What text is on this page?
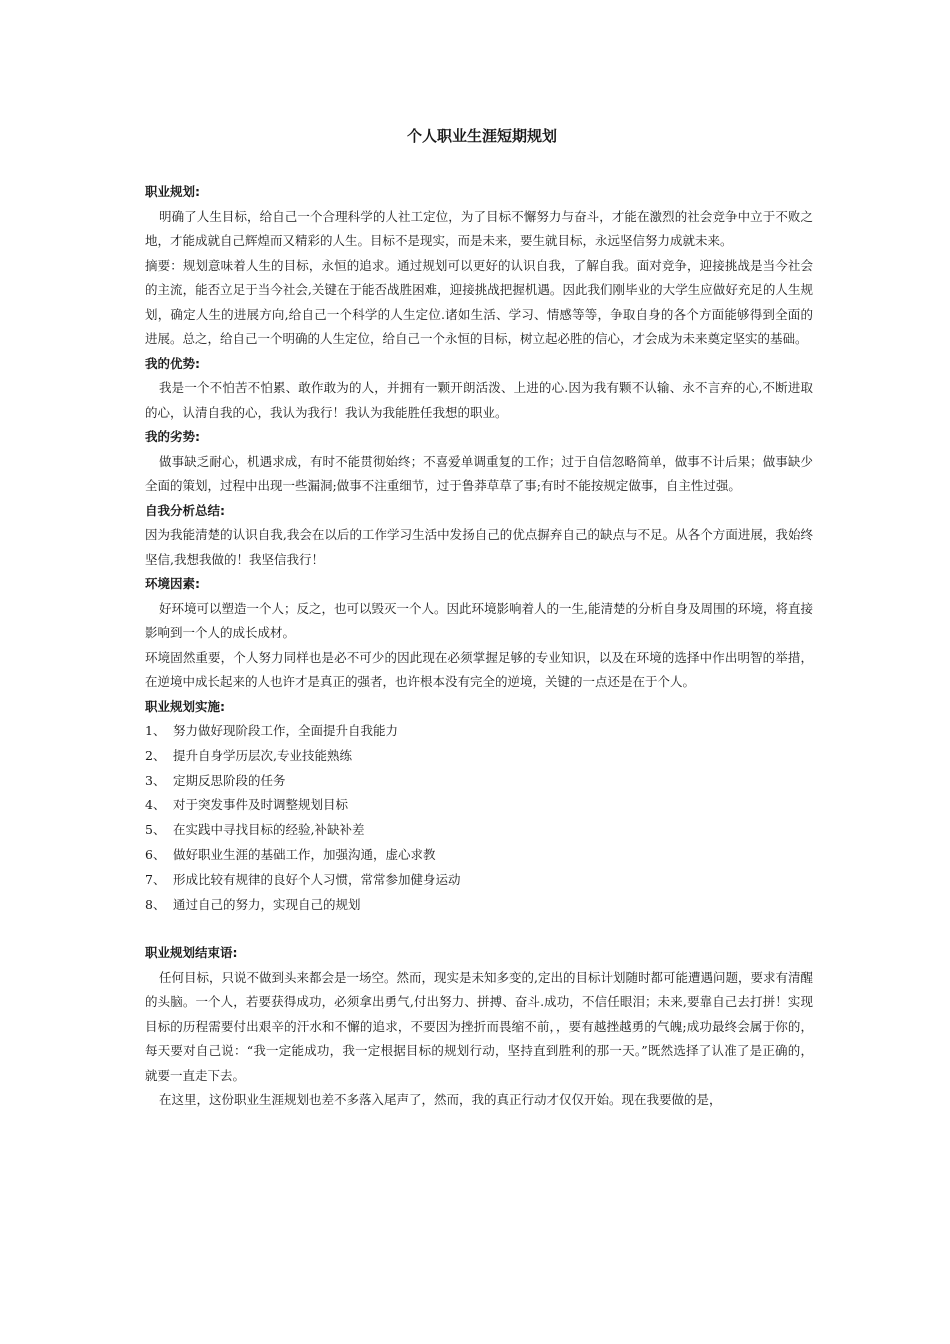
个人职业生涯短期规划

职业规划:

明确了人生目标，给自己一个合理科学的人社工定位，为了目标不懈努力与奋斗，才能在激烈的社会竞争中立于不败之地，才能成就自己辉煌而又精彩的人生。目标不是现实，而是未来，要生就目标，永远坚信努力成就未来。

摘要：规划意味着人生的目标，永恒的追求。通过规划可以更好的认识自我，了解自我。面对竞争，迎接挑战是当今社会的主流，能否立足于当今社会,关键在于能否战胜困难，迎接挑战把握机遇。因此我们刚毕业的大学生应做好充足的人生规划，确定人生的进展方向,给自己一个科学的人生定位.诸如生活、学习、情感等等，争取自身的各个方面能够得到全面的进展。总之，给自己一个明确的人生定位，给自己一个永恒的目标，树立起必胜的信心，才会成为未来奠定坚实的基础。

我的优势:

我是一个不怕苦不怕累、敢作敢为的人，并拥有一颗开朗活泼、上进的心.因为我有颗不认输、永不言弃的心,不断进取的心，认清自我的心，我认为我行！我认为我能胜任我想的职业。

我的劣势:

做事缺乏耐心，机遇求成，有时不能贯彻始终；不喜爱单调重复的工作；过于自信忽略简单，做事不计后果；做事缺少全面的策划，过程中出现一些漏洞;做事不注重细节，过于鲁莽草草了事;有时不能按规定做事，自主性过强。

自我分析总结:

因为我能清楚的认识自我,我会在以后的工作学习生活中发扬自己的优点摒弃自己的缺点与不足。从各个方面进展，我始终坚信,我想我做的！我坚信我行！

环境因素:

好环境可以塑造一个人；反之，也可以毁灭一个人。因此环境影响着人的一生,能清楚的分析自身及周围的环境，将直接影响到一个人的成长成材。

环境固然重要，个人努力同样也是必不可少的因此现在必须掌握足够的专业知识，以及在环境的选择中作出明智的举措，在逆境中成长起来的人也许才是真正的强者，也许根本没有完全的逆境，关键的一点还是在于个人。

职业规划实施:

1、 努力做好现阶段工作，全面提升自我能力
2、 提升自身学历层次,专业技能熟练
3、 定期反思阶段的任务
4、 对于突发事件及时调整规划目标
5、 在实践中寻找目标的经验,补缺补差
6、 做好职业生涯的基础工作，加强沟通，虚心求教
7、 形成比较有规律的良好个人习惯，常常参加健身运动
8、 通过自己的努力，实现自己的规划

职业规划结束语:

任何目标，只说不做到头来都会是一场空。然而，现实是未知多变的,定出的目标计划随时都可能遭遇问题，要求有清醒的头脑。一个人，若要获得成功，必须拿出勇气,付出努力、拼搏、奋斗.成功，不信任眼泪；未来,要靠自己去打拼！实现目标的历程需要付出艰辛的汗水和不懈的追求，不要因为挫折而畏缩不前，，要有越挫越勇的气魄;成功最终会属于你的，每天要对自己说：“我一定能成功，我一定根据目标的规划行动，坚持直到胜利的那一天。”既然选择了认准了是正确的，就要一直走下去。

在这里，这份职业生涯规划也差不多落入尾声了，然而，我的真正行动才仅仅开始。现在我要做的是，
